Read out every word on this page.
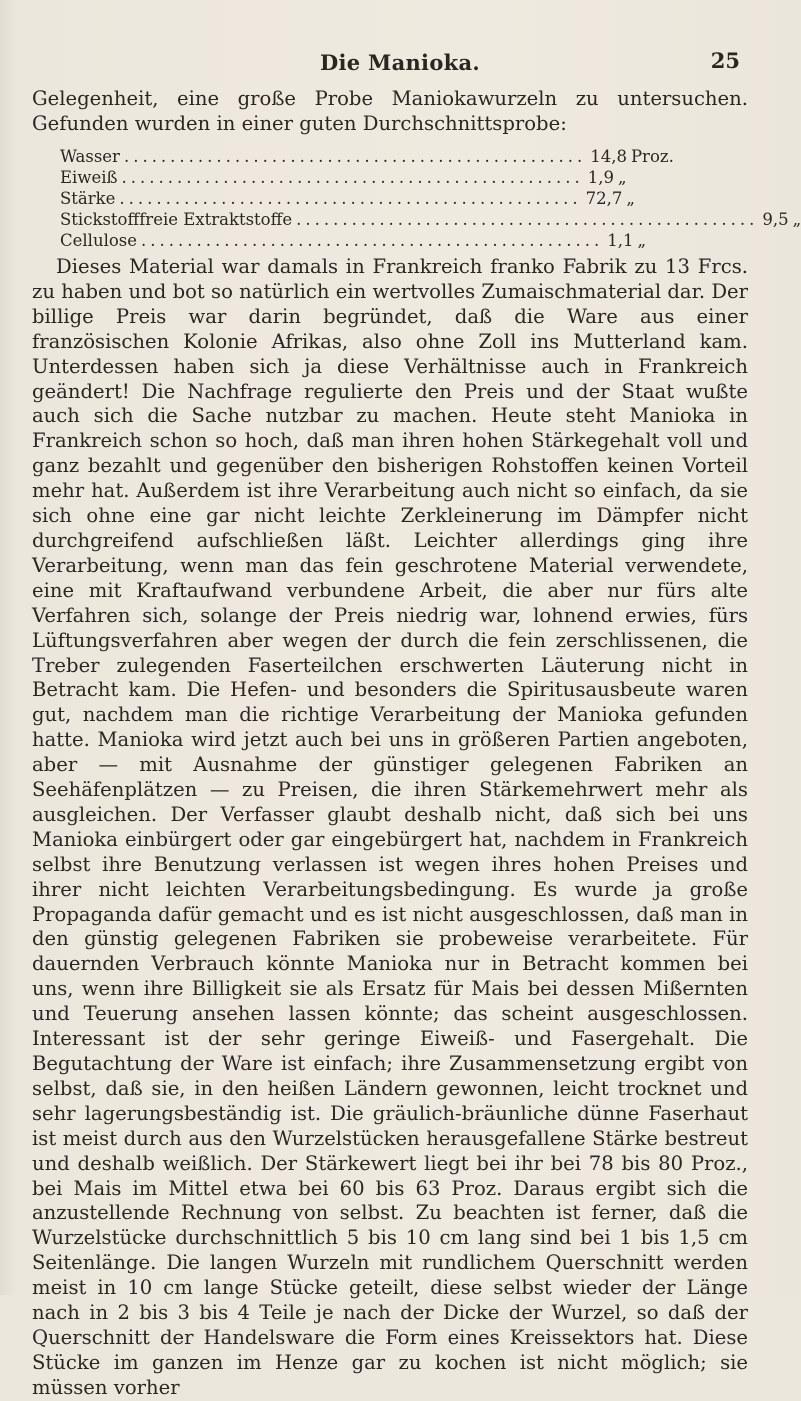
Die Manioka.	25

Gelegenheit, eine große Probe Maniokawurzeln zu untersuchen. Gefunden wurden in einer guten Durchschnittsprobe:

Wasser .................................................. 14,8 Proz.
Eiweiß .................................................. 1,9 „
Stärke .................................................. 72,7 „
Stickstofffreie Extraktstoffe .................................................. 9,5 „
Cellulose .................................................. 1,1 „

Dieses Material war damals in Frankreich franko Fabrik zu 13 Frcs. zu haben und bot so natürlich ein wertvolles Zumaischmaterial dar. Der billige Preis war darin begründet, daß die Ware aus einer französischen Kolonie Afrikas, also ohne Zoll ins Mutterland kam. Unterdessen haben sich ja diese Verhältnisse auch in Frankreich geändert! Die Nachfrage regulierte den Preis und der Staat wußte auch sich die Sache nutzbar zu machen. Heute steht Manioka in Frankreich schon so hoch, daß man ihren hohen Stärkegehalt voll und ganz bezahlt und gegenüber den bisherigen Rohstoffen keinen Vorteil mehr hat. Außerdem ist ihre Verarbeitung auch nicht so einfach, da sie sich ohne eine gar nicht leichte Zerkleinerung im Dämpfer nicht durchgreifend aufschließen läßt. Leichter allerdings ging ihre Verarbeitung, wenn man das fein geschrotene Material verwendete, eine mit Kraftaufwand verbundene Arbeit, die aber nur fürs alte Verfahren sich, solange der Preis niedrig war, lohnend erwies, fürs Lüftungsverfahren aber wegen der durch die fein zerschlissenen, die Treber zulegenden Faserteilchen erschwerten Läuterung nicht in Betracht kam. Die Hefen- und besonders die Spiritusausbeute waren gut, nachdem man die richtige Verarbeitung der Manioka gefunden hatte. Manioka wird jetzt auch bei uns in größeren Partien angeboten, aber — mit Ausnahme der günstiger gelegenen Fabriken an Seehäfenplätzen — zu Preisen, die ihren Stärkemehrwert mehr als ausgleichen. Der Verfasser glaubt deshalb nicht, daß sich bei uns Manioka einbürgert oder gar eingebürgert hat, nachdem in Frankreich selbst ihre Benutzung verlassen ist wegen ihres hohen Preises und ihrer nicht leichten Verarbeitungsbedingung. Es wurde ja große Propaganda dafür gemacht und es ist nicht ausgeschlossen, daß man in den günstig gelegenen Fabriken sie probeweise verarbeitete. Für dauernden Verbrauch könnte Manioka nur in Betracht kommen bei uns, wenn ihre Billigkeit sie als Ersatz für Mais bei dessen Mißernten und Teuerung ansehen lassen könnte; das scheint ausgeschlossen. Interessant ist der sehr geringe Eiweiß- und Fasergehalt. Die Begutachtung der Ware ist einfach; ihre Zusammensetzung ergibt von selbst, daß sie, in den heißen Ländern gewonnen, leicht trocknet und sehr lagerungsbeständig ist. Die gräulich-bräunliche dünne Faserhaut ist meist durch aus den Wurzelstücken herausgefallene Stärke bestreut und deshalb weißlich. Der Stärkewert liegt bei ihr bei 78 bis 80 Proz., bei Mais im Mittel etwa bei 60 bis 63 Proz. Daraus ergibt sich die anzustellende Rechnung von selbst. Zu beachten ist ferner, daß die Wurzelstücke durchschnittlich 5 bis 10 cm lang sind bei 1 bis 1,5 cm Seitenlänge. Die langen Wurzeln mit rundlichem Querschnitt werden meist in 10 cm lange Stücke geteilt, diese selbst wieder der Länge nach in 2 bis 3 bis 4 Teile je nach der Dicke der Wurzel, so daß der Querschnitt der Handelsware die Form eines Kreissektors hat. Diese Stücke im ganzen im Henze gar zu kochen ist nicht möglich; sie müssen vorher
